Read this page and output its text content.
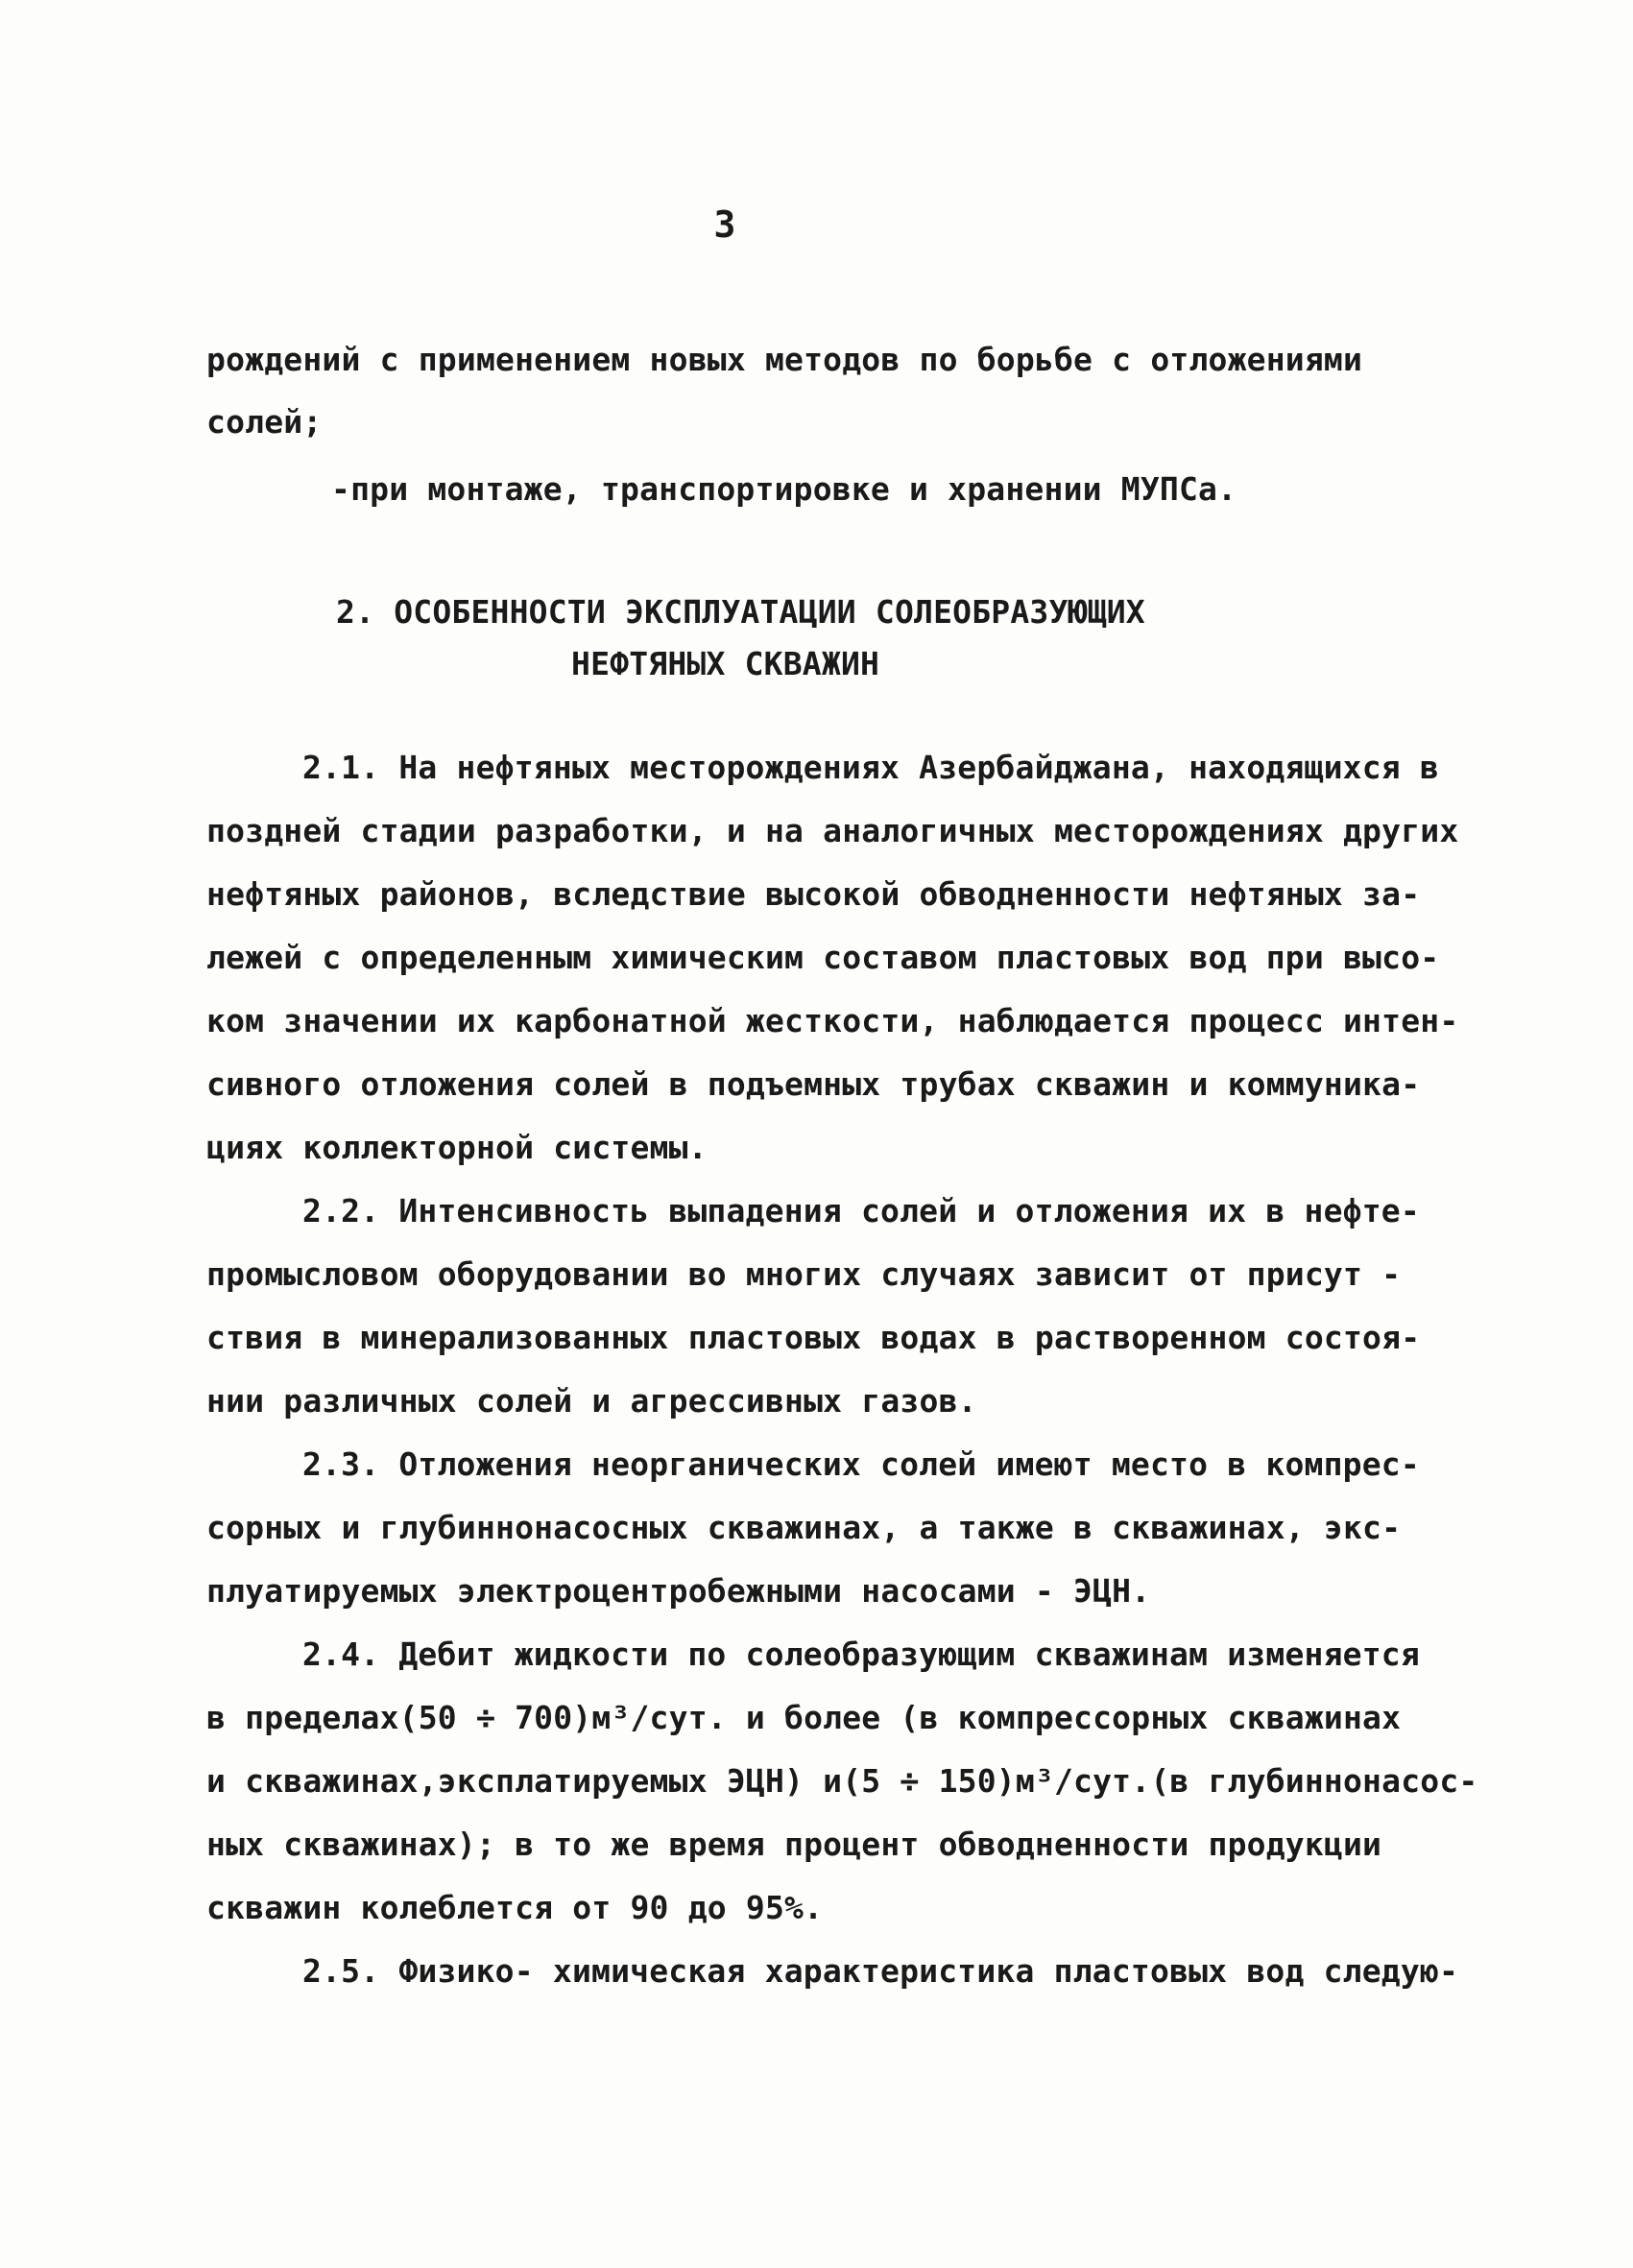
3
рождений с применением новых методов по борьбе с отложениями
солей;
-при монтаже, транспортировке и хранении МУПСа.
2. ОСОБЕННОСТИ ЭКСПЛУАТАЦИИ СОЛЕОБРАЗУЮЩИХ
НЕФТЯНЫХ СКВАЖИН
2.1. На нефтяных месторождениях Азербайджана, находящихся в
поздней стадии разработки, и на аналогичных месторождениях других
нефтяных районов, вследствие высокой обводненности нефтяных за-
лежей с определенным химическим составом пластовых вод при высо-
ком значении их карбонатной жесткости, наблюдается процесс интен-
сивного отложения солей в подъемных трубах скважин и коммуника-
циях коллекторной системы.
2.2. Интенсивность выпадения солей и отложения их в нефте-
промысловом оборудовании во многих случаях зависит от присут -
ствия в минерализованных пластовых водах в растворенном состоя-
нии различных солей и агрессивных газов.
2.3. Отложения неорганических солей имеют место в компрес-
сорных и глубиннонасосных скважинах, а также в скважинах, экс-
плуатируемых электроцентробежными насосами - ЭЦН.
2.4. Дебит жидкости по солеобразующим скважинам изменяется
в пределах(50 ÷ 700)м³/сут. и более (в компрессорных скважинах
и скважинах,эксплатируемых ЭЦН) и(5 ÷ 150)м³/сут.(в глубиннонасос-
ных скважинах); в то же время процент обводненности продукции
скважин колеблется от 90 до 95%.
2.5. Физико- химическая характеристика пластовых вод следую-
